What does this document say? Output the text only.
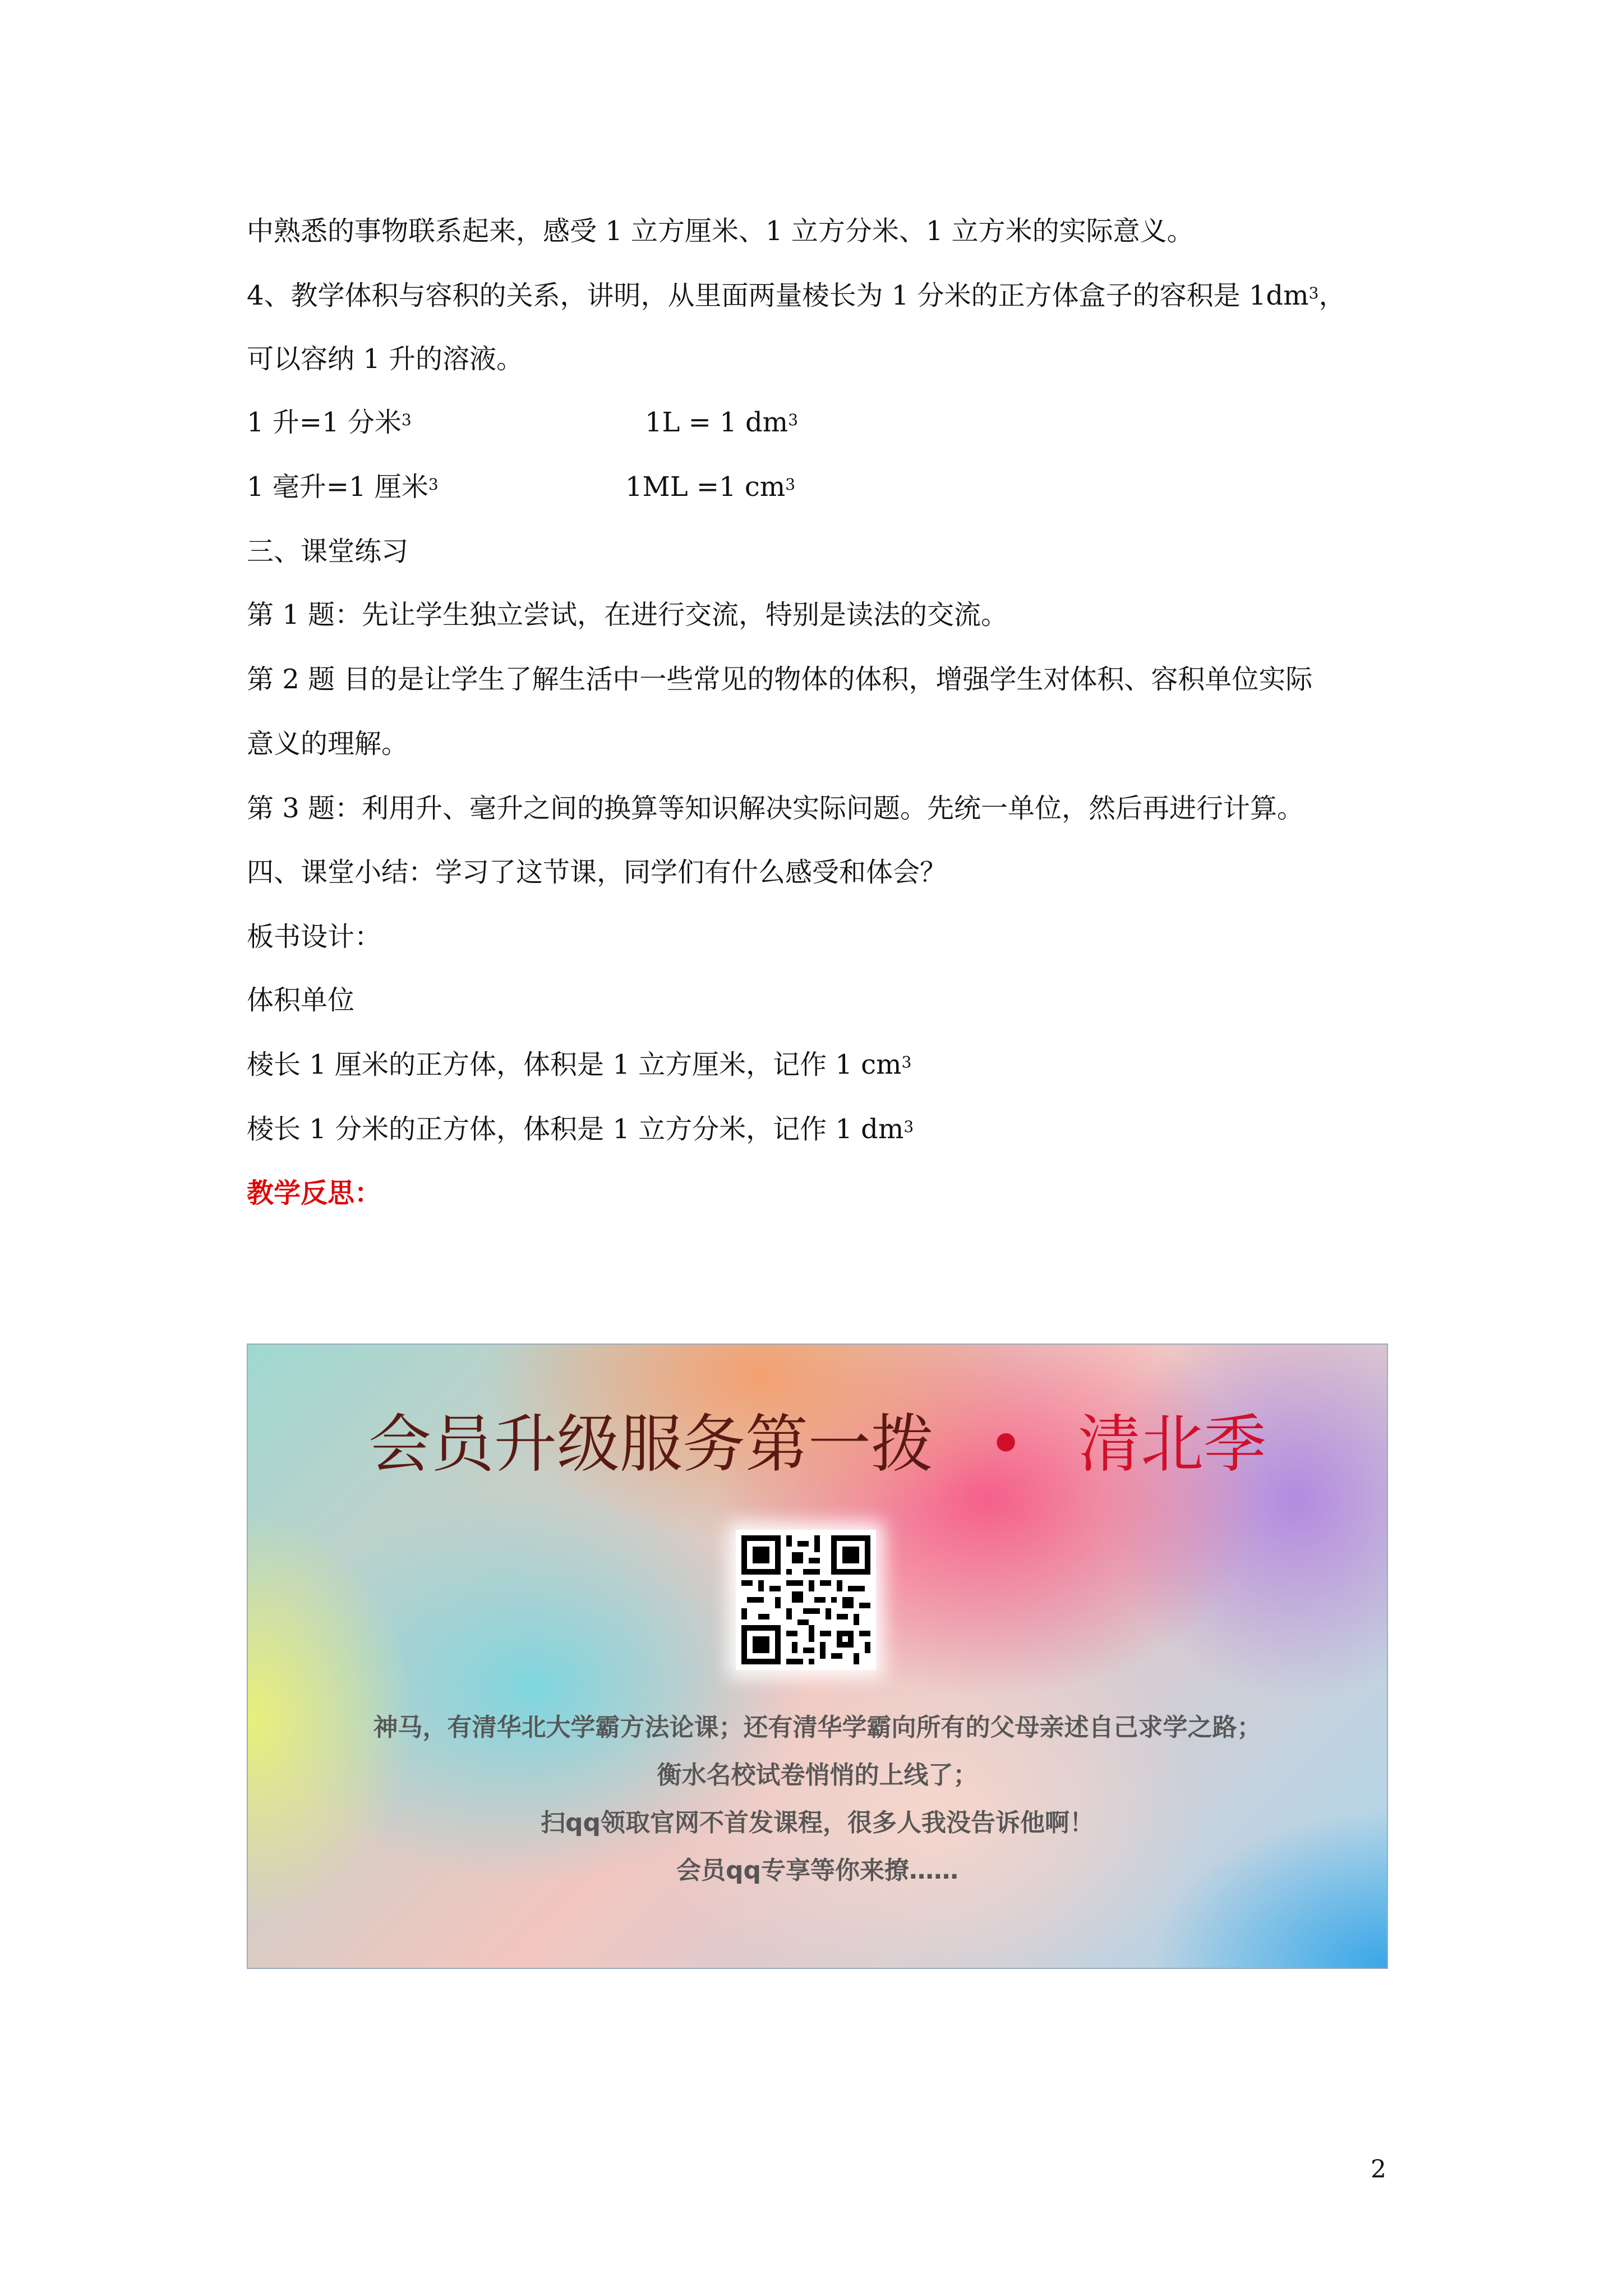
中熟悉的事物联系起来，感受 1 立方厘米、1 立方分米、1 立方米的实际意义。
4、教学体积与容积的关系，讲明，从里面两量棱长为 1 分米的正方体盒子的容积是 $1dm^3$，
可以容纳 1 升的溶液。
1 升=1 分米$^3$	1L = 1 $dm^3$
1 毫升=1 厘米$^3$	1ML =1 $cm^3$
三、课堂练习
第 1 题：先让学生独立尝试，在进行交流，特别是读法的交流。
第 2 题 目的是让学生了解生活中一些常见的物体的体积，增强学生对体积、容积单位实际
意义的理解。
第 3 题：利用升、毫升之间的换算等知识解决实际问题。先统一单位，然后再进行计算。
四、课堂小结：学习了这节课，同学们有什么感受和体会？
板书设计：
体积单位
棱长 1 厘米的正方体，体积是 1 立方厘米，记作 1 $cm^3$
棱长 1 分米的正方体，体积是 1 立方分米，记作 1 $dm^3$
教学反思：
会员升级服务第一拨 • 清北季
神马，有清华北大学霸方法论课；还有清华学霸向所有的父母亲述自己求学之路；
衡水名校试卷悄悄的上线了；
扫qq领取官网不首发课程，很多人我没告诉他啊！
会员qq专享等你来撩……
2
